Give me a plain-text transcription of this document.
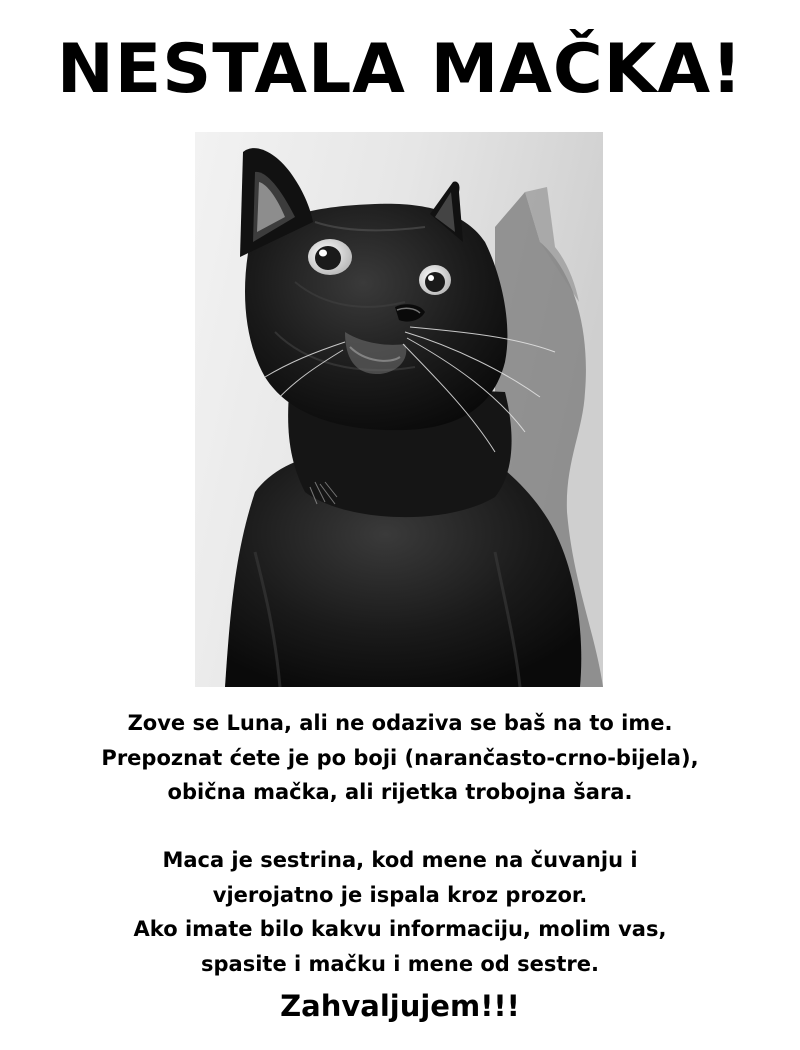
NESTALA MAČKA!
Zove se Luna, ali ne odaziva se baš na to ime.
Prepoznat ćete je po boji (narančasto-crno-bijela),
obična mačka, ali rijetka trobojna šara.
Maca je sestrina, kod mene na čuvanju i
vjerojatno je ispala kroz prozor.
Ako imate bilo kakvu informaciju, molim vas,
spasite i mačku i mene od sestre.
Zahvaljujem!!!
